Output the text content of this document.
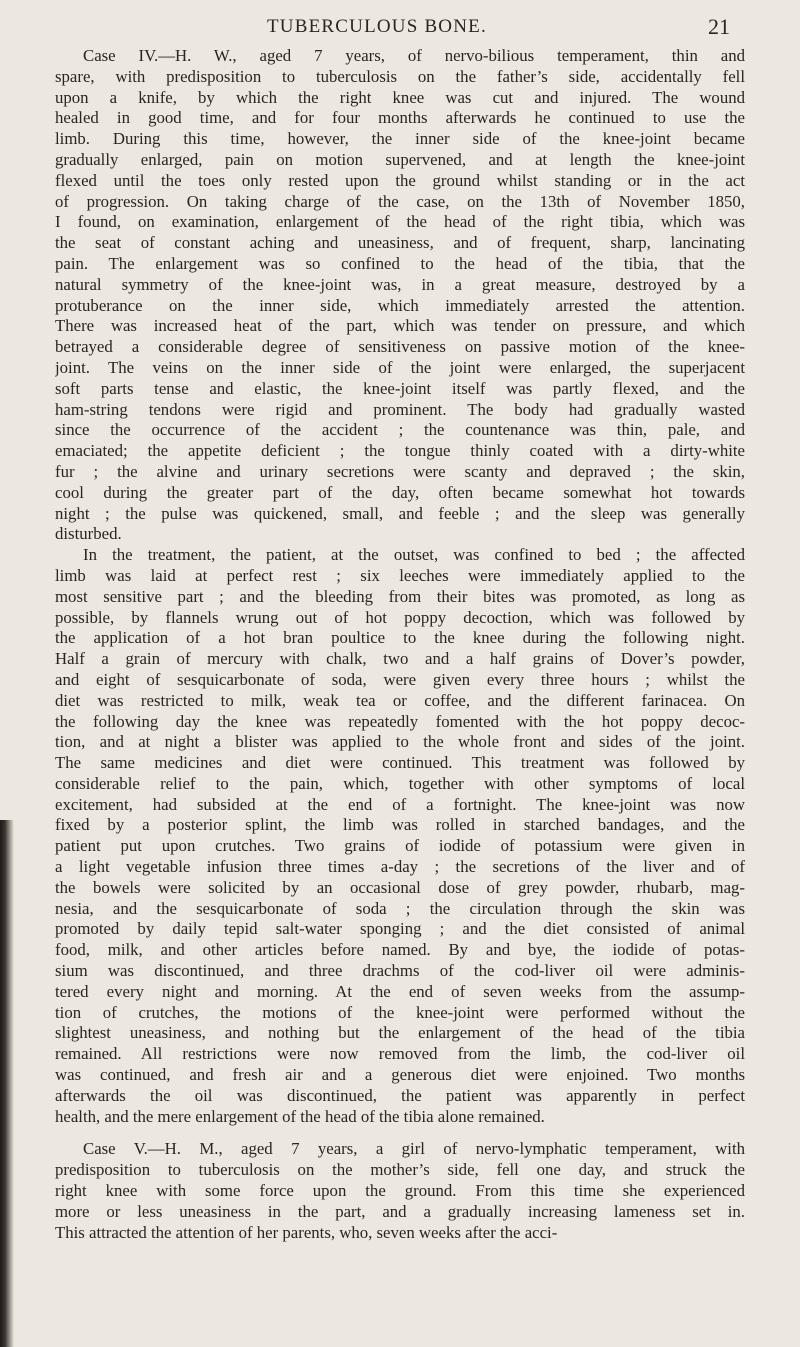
TUBERCULOUS BONE.	21
Case IV.—H. W., aged 7 years, of nervo-bilious temperament, thin and
spare, with predisposition to tuberculosis on the father’s side, accidentally fell
upon a knife, by which the right knee was cut and injured. The wound
healed in good time, and for four months afterwards he continued to use the
limb. During this time, however, the inner side of the knee-joint became
gradually enlarged, pain on motion supervened, and at length the knee-joint
flexed until the toes only rested upon the ground whilst standing or in the act
of progression. On taking charge of the case, on the 13th of November 1850,
I found, on examination, enlargement of the head of the right tibia, which was
the seat of constant aching and uneasiness, and of frequent, sharp, lancinating
pain. The enlargement was so confined to the head of the tibia, that the
natural symmetry of the knee-joint was, in a great measure, destroyed by a
protuberance on the inner side, which immediately arrested the attention.
There was increased heat of the part, which was tender on pressure, and which
betrayed a considerable degree of sensitiveness on passive motion of the knee-
joint. The veins on the inner side of the joint were enlarged, the superjacent
soft parts tense and elastic, the knee-joint itself was partly flexed, and the
ham-string tendons were rigid and prominent. The body had gradually wasted
since the occurrence of the accident ; the countenance was thin, pale, and
emaciated; the appetite deficient ; the tongue thinly coated with a dirty-white
fur ; the alvine and urinary secretions were scanty and depraved ; the skin,
cool during the greater part of the day, often became somewhat hot towards
night ; the pulse was quickened, small, and feeble ; and the sleep was generally
disturbed.
In the treatment, the patient, at the outset, was confined to bed ; the affected
limb was laid at perfect rest ; six leeches were immediately applied to the
most sensitive part ; and the bleeding from their bites was promoted, as long as
possible, by flannels wrung out of hot poppy decoction, which was followed by
the application of a hot bran poultice to the knee during the following night.
Half a grain of mercury with chalk, two and a half grains of Dover’s powder,
and eight of sesquicarbonate of soda, were given every three hours ; whilst the
diet was restricted to milk, weak tea or coffee, and the different farinacea. On
the following day the knee was repeatedly fomented with the hot poppy decoc-
tion, and at night a blister was applied to the whole front and sides of the joint.
The same medicines and diet were continued. This treatment was followed by
considerable relief to the pain, which, together with other symptoms of local
excitement, had subsided at the end of a fortnight. The knee-joint was now
fixed by a posterior splint, the limb was rolled in starched bandages, and the
patient put upon crutches. Two grains of iodide of potassium were given in
a light vegetable infusion three times a-day ; the secretions of the liver and of
the bowels were solicited by an occasional dose of grey powder, rhubarb, mag-
nesia, and the sesquicarbonate of soda ; the circulation through the skin was
promoted by daily tepid salt-water sponging ; and the diet consisted of animal
food, milk, and other articles before named. By and bye, the iodide of potas-
sium was discontinued, and three drachms of the cod-liver oil were adminis-
tered every night and morning. At the end of seven weeks from the assump-
tion of crutches, the motions of the knee-joint were performed without the
slightest uneasiness, and nothing but the enlargement of the head of the tibia
remained. All restrictions were now removed from the limb, the cod-liver oil
was continued, and fresh air and a generous diet were enjoined. Two months
afterwards the oil was discontinued, the patient was apparently in perfect
health, and the mere enlargement of the head of the tibia alone remained.
Case V.—H. M., aged 7 years, a girl of nervo-lymphatic temperament, with
predisposition to tuberculosis on the mother’s side, fell one day, and struck the
right knee with some force upon the ground. From this time she experienced
more or less uneasiness in the part, and a gradually increasing lameness set in.
This attracted the attention of her parents, who, seven weeks after the acci-
